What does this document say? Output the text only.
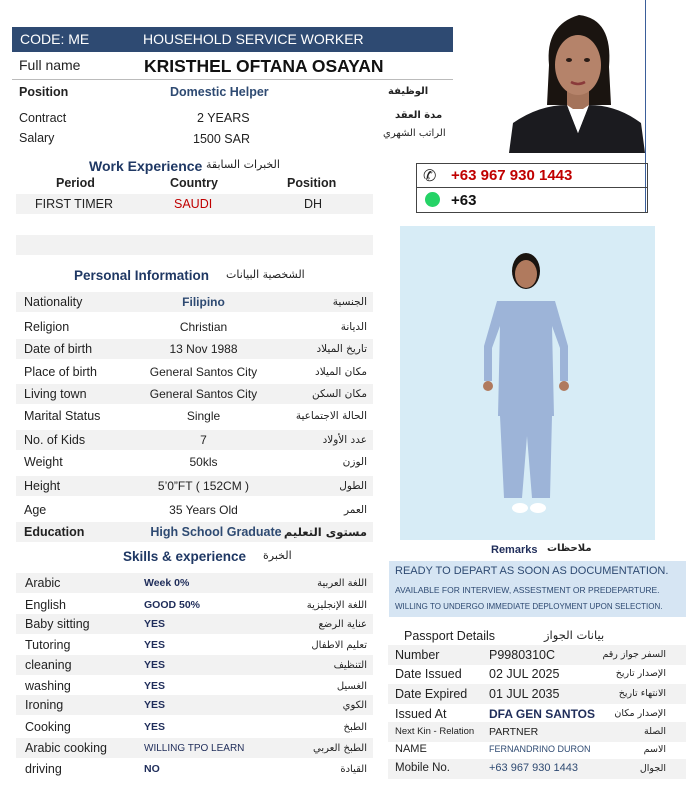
CODE: ME	HOUSEHOLD SERVICE WORKER
Full name	KRISTHEL OFTANA OSAYAN
Position	Domestic Helper	الوظيفة
Contract	2 YEARS	مدة العقد
Salary	1500 SAR	الراتب الشهري
Work Experience الخبرات السابقة
Period	Country	Position
FIRST TIMER	SAUDI	DH
✆ +63 967 930 1443
+63
Personal Information الشخصية البيانات
Nationality	Filipino	الجنسية
Religion	Christian	الديانة
Date of birth	13 Nov 1988	تاريخ الميلاد
Place of birth	General Santos City	مكان الميلاد
Living town	General Santos City	مكان السكن
Marital Status	Single	الحالة الاجتماعية
No. of Kids	7	عدد الأولاد
Weight	50kls	الوزن
Height	5’0”FT ( 152CM )	الطول
Age	35 Years Old	العمر
Education	High School Graduate مستوى التعليم
Skills & experience الخبرة
Arabic	Week 0%	اللغة العربية
English	GOOD 50%	اللغة الإنجليزية
Baby sitting	YES	عناية الرضع
Tutoring	YES	تعليم الاطفال
cleaning	YES	التنظيف
washing	YES	الغسيل
Ironing	YES	الكوي
Cooking	YES	الطبخ
Arabic cooking	WILLING TPO LEARN	الطبخ العربي
driving	NO	القيادة
Remarks ملاحظات
READY TO DEPART AS SOON AS DOCUMENTATION.
AVAILABLE FOR INTERVIEW, ASSESTMENT OR PREDEPARTURE.
WILLING TO UNDERGO IMMEDIATE DEPLOYMENT UPON SELECTION.
Passport Details	بيانات الجواز
Number	P9980310C	السفر جواز رقم
Date Issued 02 JUL 2025	الإصدار تاريخ
Date Expired 01 JUL 2035	الانتهاء تاريخ
Issued At	DFA GEN SANTOS الإصدار مكان
Next Kin - Relation PARTNER	الصلة
NAME	FERNANDRINO DURON	الاسم
Mobile No.	+63 967 930 1443	الجوال
